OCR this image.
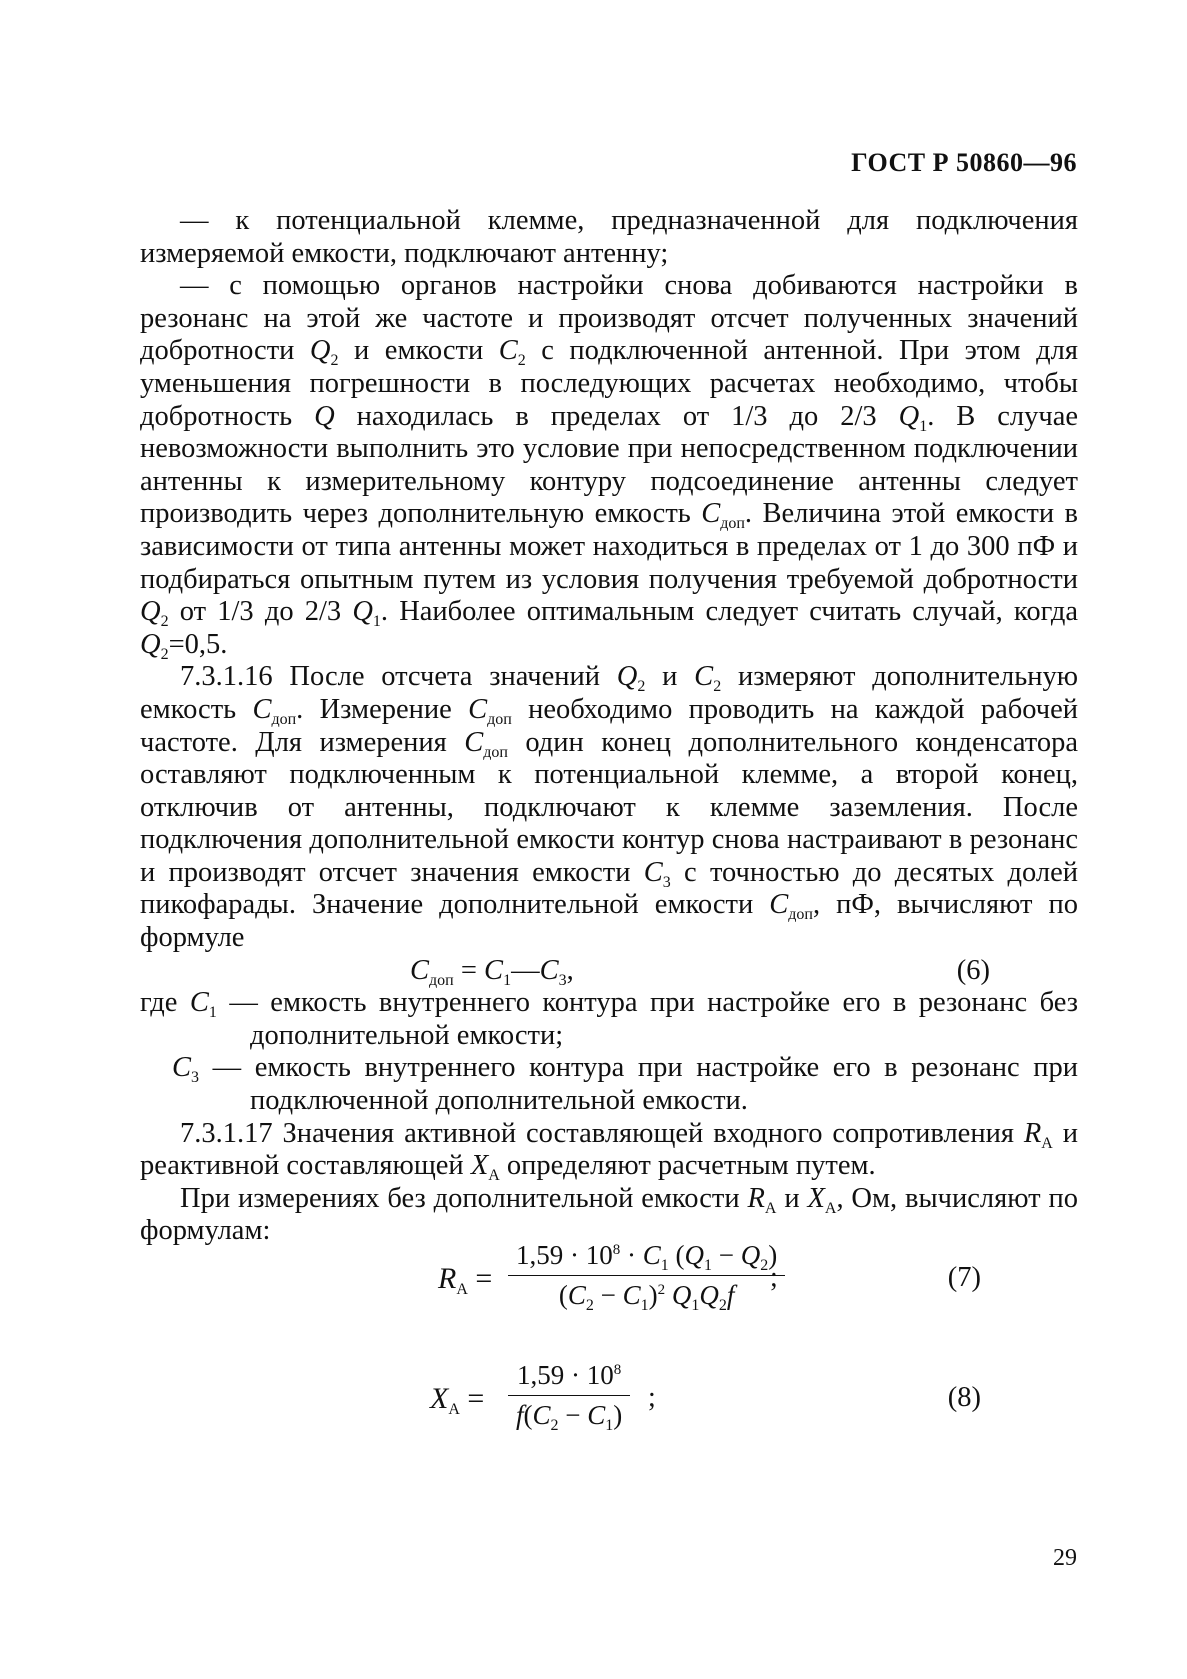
ГОСТ Р 50860—96

— к потенциальной клемме, предназначенной для подключения измеряемой емкости, подключают антенну;

— с помощью органов настройки снова добиваются настройки в резонанс на этой же частоте и производят отсчет полученных значений добротности $Q_2$ и емкости $C_2$ с подключенной антенной. При этом для уменьшения погрешности в последующих расчетах необходимо, чтобы добротность Q находилась в пределах от 1/3 до 2/3 $Q_1$. В случае невозможности выполнить это условие при непосредственном подключении антенны к измерительному контуру подсоединение антенны следует производить через дополнительную емкость $C_{доп}$. Величина этой емкости в зависимости от типа антенны может находиться в пределах от 1 до 300 пФ и подбираться опытным путем из условия получения требуемой добротности $Q_2$ от 1/3 до 2/3 $Q_1$. Наиболее оптимальным следует считать случай, когда $Q_2=0,5$.

7.3.1.16 После отсчета значений $Q_2$ и $C_2$ измеряют дополнительную емкость $C_{доп}$. Измерение $C_{доп}$ необходимо проводить на каждой рабочей частоте. Для измерения $C_{доп}$ один конец дополнительного конденсатора оставляют подключенным к потенциальной клемме, а второй конец, отключив от антенны, подключают к клемме заземления. После подключения дополнительной емкости контур снова настраивают в резонанс и производят отсчет значения емкости $C_3$ с точностью до десятых долей пикофарады. Значение дополнительной емкости $C_{доп}$, пФ, вычисляют по формуле

$C_{доп}$ = $C_1—C_3$,	(6)

где $C_1$ — емкость внутреннего контура при настройке его в резонанс без дополнительной емкости;

$C_3$ — емкость внутреннего контура при настройке его в резонанс при подключенной дополнительной емкости.

7.3.1.17 Значения активной составляющей входного сопротивления $R_А$ и реактивной составляющей $X_А$ определяют расчетным путем.

При измерениях без дополнительной емкости $R_А$ и $X_А$, Ом, вычисляют по формулам:

$R_А = \frac{1,59 \cdot 10^8 \cdot C_1 (Q_1 - Q_2)}{(C_2 - C_1)^2 Q_1Q_2f}$
;	(7)
$X_А = \frac{1,59 \cdot 10^8}{f(C_2 - C_1)}$ ;	(8)
29
